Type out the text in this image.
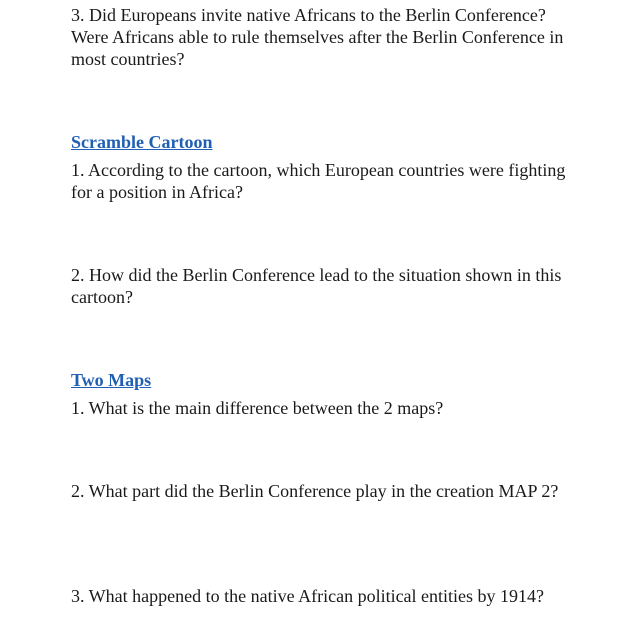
3. Did Europeans invite native Africans to the Berlin Conference? Were Africans able to rule themselves after the Berlin Conference in most countries?

Scramble Cartoon

1. According to the cartoon, which European countries were fighting for a position in Africa?

2. How did the Berlin Conference lead to the situation shown in this cartoon?

Two Maps

1. What is the main difference between the 2 maps?

2. What part did the Berlin Conference play in the creation MAP 2?

3. What happened to the native African political entities by 1914?
